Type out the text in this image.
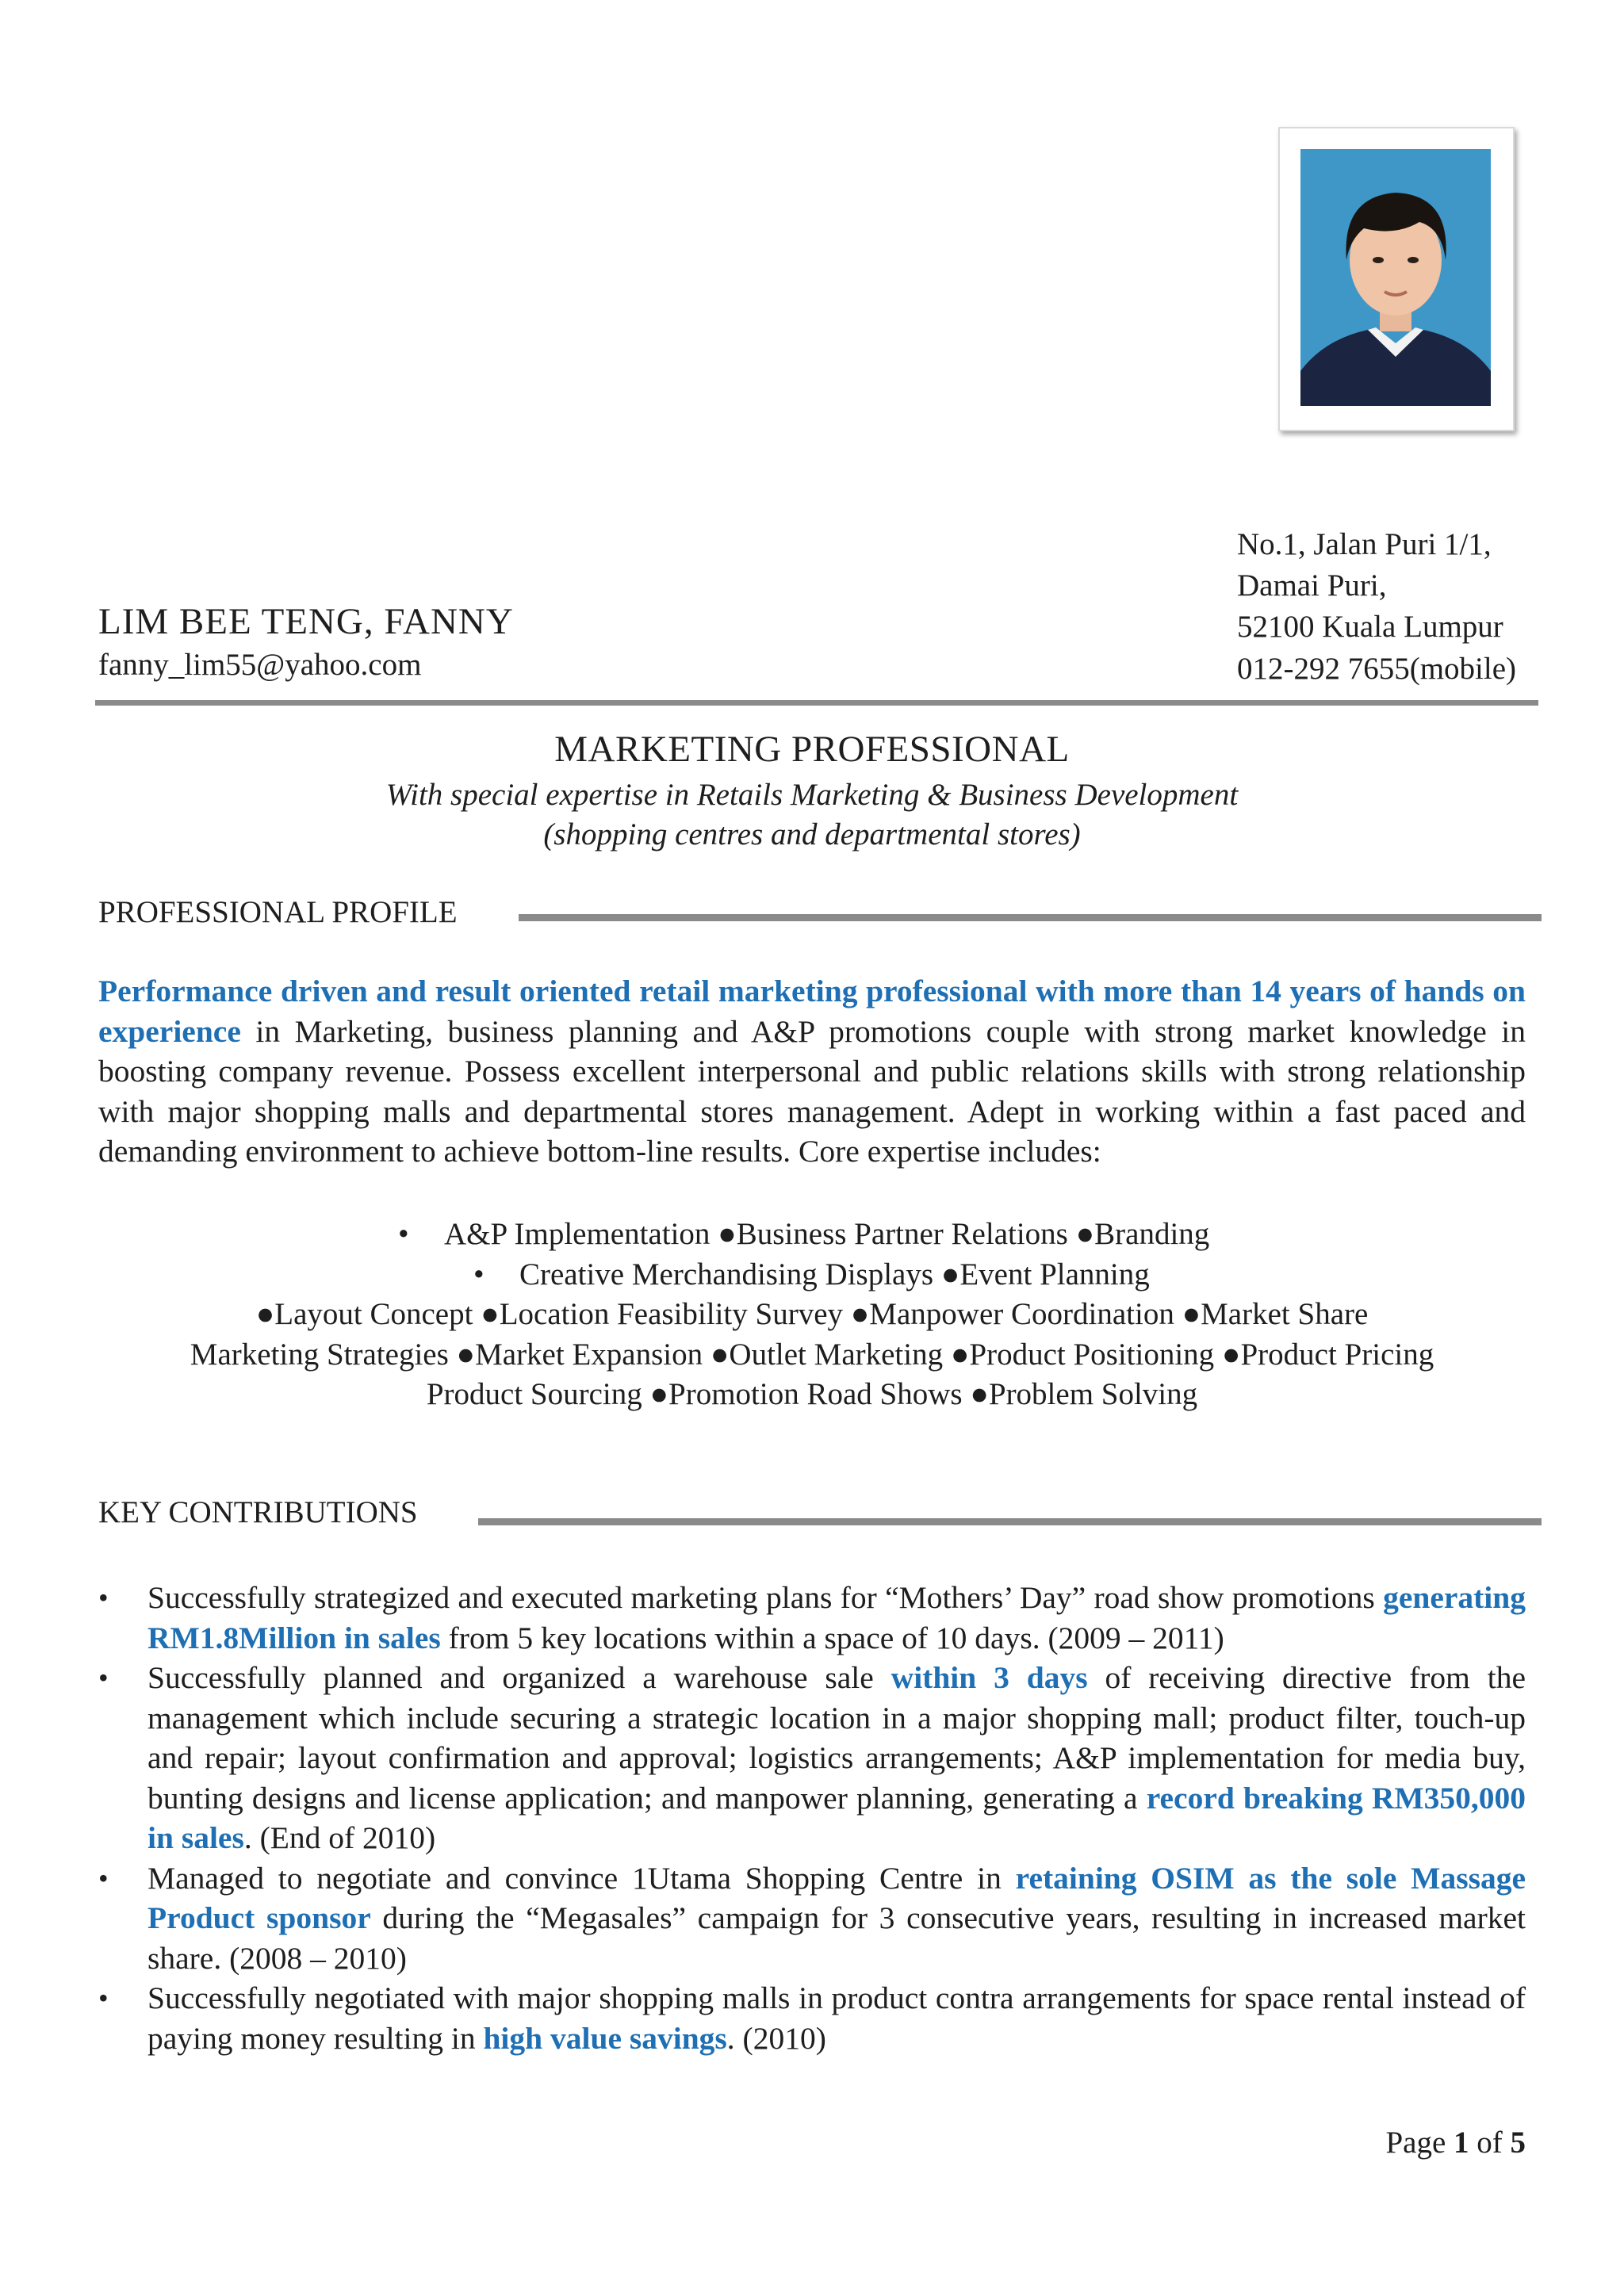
No.1, Jalan Puri 1/1,
Damai Puri,
52100 Kuala Lumpur
012-292 7655(mobile)
LIM BEE TENG, FANNY
fanny_lim55@yahoo.com
MARKETING PROFESSIONAL
With special expertise in Retails Marketing & Business Development
(shopping centres and departmental stores)
PROFESSIONAL PROFILE
Performance driven and result oriented retail marketing professional with more than 14 years of hands on experience in Marketing, business planning and A&P promotions couple with strong market knowledge in boosting company revenue. Possess excellent interpersonal and public relations skills with strong relationship with major shopping malls and departmental stores management. Adept in working within a fast paced and demanding environment to achieve bottom-line results. Core expertise includes:
• A&P Implementation ●Business Partner Relations ●Branding
• Creative Merchandising Displays ●Event Planning
●Layout Concept ●Location Feasibility Survey ●Manpower Coordination ●Market Share
Marketing Strategies ●Market Expansion ●Outlet Marketing ●Product Positioning ●Product Pricing
Product Sourcing ●Promotion Road Shows ●Problem Solving
KEY CONTRIBUTIONS
• Successfully strategized and executed marketing plans for “Mothers’ Day” road show promotions generating RM1.8Million in sales from 5 key locations within a space of 10 days. (2009 – 2011)
• Successfully planned and organized a warehouse sale within 3 days of receiving directive from the management which include securing a strategic location in a major shopping mall; product filter, touch-up and repair; layout confirmation and approval; logistics arrangements; A&P implementation for media buy, bunting designs and license application; and manpower planning, generating a record breaking RM350,000 in sales. (End of 2010)
• Managed to negotiate and convince 1Utama Shopping Centre in retaining OSIM as the sole Massage Product sponsor during the “Megasales” campaign for 3 consecutive years, resulting in increased market share. (2008 – 2010)
• Successfully negotiated with major shopping malls in product contra arrangements for space rental instead of paying money resulting in high value savings. (2010)
Page 1 of 5
